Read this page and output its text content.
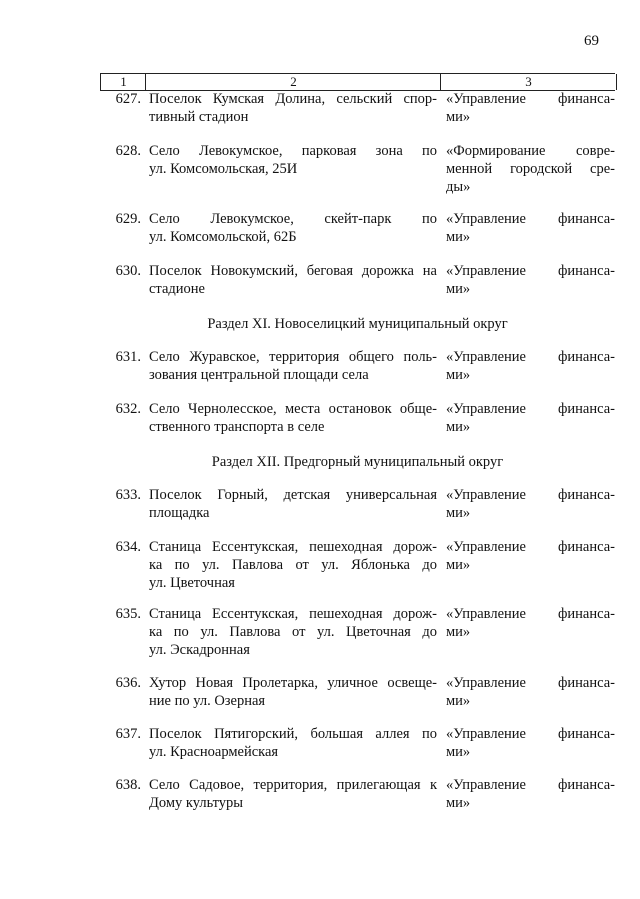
69
1	2	3
627. Поселок Кумская Долина, сельский спор-
тивный стадион
«Управление финанса-
ми»
628. Село Левокумское, парковая зона по
ул. Комсомольская, 25И
«Формирование совре-
менной городской сре-
ды»
629. Село Левокумское, скейт-парк по
ул. Комсомольской, 62Б
«Управление финанса-
ми»
630. Поселок Новокумский, беговая дорожка на
стадионе
«Управление финанса-
ми»
Раздел XI. Новоселицкий муниципальный округ
631. Село Журавское, территория общего поль-
зования центральной площади села
«Управление финанса-
ми»
632. Село Чернолесское, места остановок обще-
ственного транспорта в селе
«Управление финанса-
ми»
Раздел XII. Предгорный муниципальный округ
633. Поселок Горный, детская универсальная
площадка
«Управление финанса-
ми»
634. Станица Ессентукская, пешеходная дорож-
ка по ул. Павлова от ул. Яблонька до
ул. Цветочная
«Управление финанса-
ми»
635. Станица Ессентукская, пешеходная дорож-
ка по ул. Павлова от ул. Цветочная до
ул. Эскадронная
«Управление финанса-
ми»
636. Хутор Новая Пролетарка, уличное освеще-
ние по ул. Озерная
«Управление финанса-
ми»
637. Поселок Пятигорский, большая аллея по
ул. Красноармейская
«Управление финанса-
ми»
638. Село Садовое, территория, прилегающая к
Дому культуры
«Управление финанса-
ми»
